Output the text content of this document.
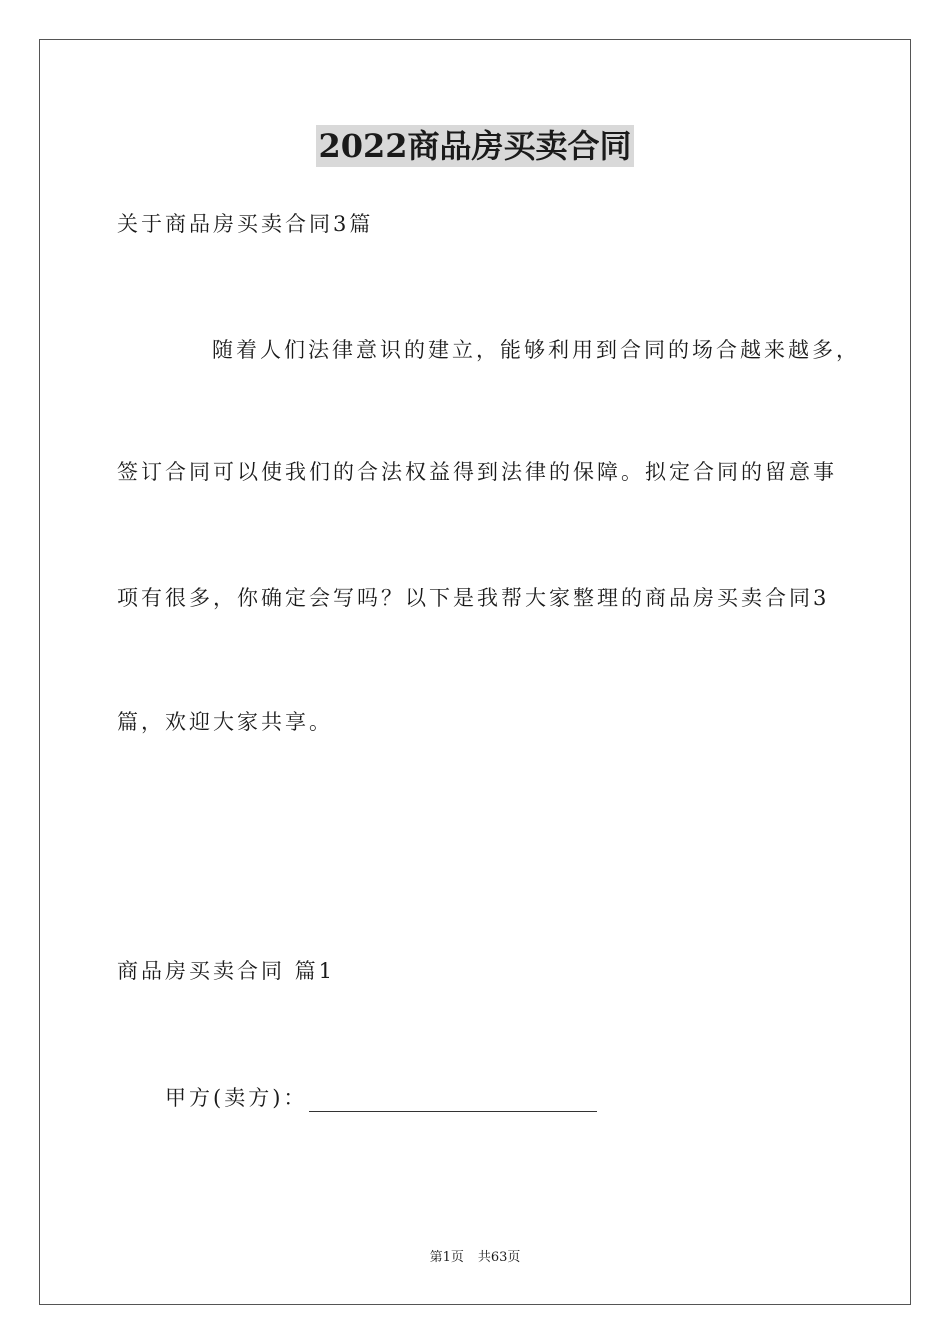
2022商品房买卖合同
关于商品房买卖合同3篇
随着人们法律意识的建立，能够利用到合同的场合越来越多，
签订合同可以使我们的合法权益得到法律的保障。拟定合同的留意事
项有很多，你确定会写吗？以下是我帮大家整理的商品房买卖合同3
篇，欢迎大家共享。
商品房买卖合同 篇1
甲方(卖方)：
第1页 共63页
